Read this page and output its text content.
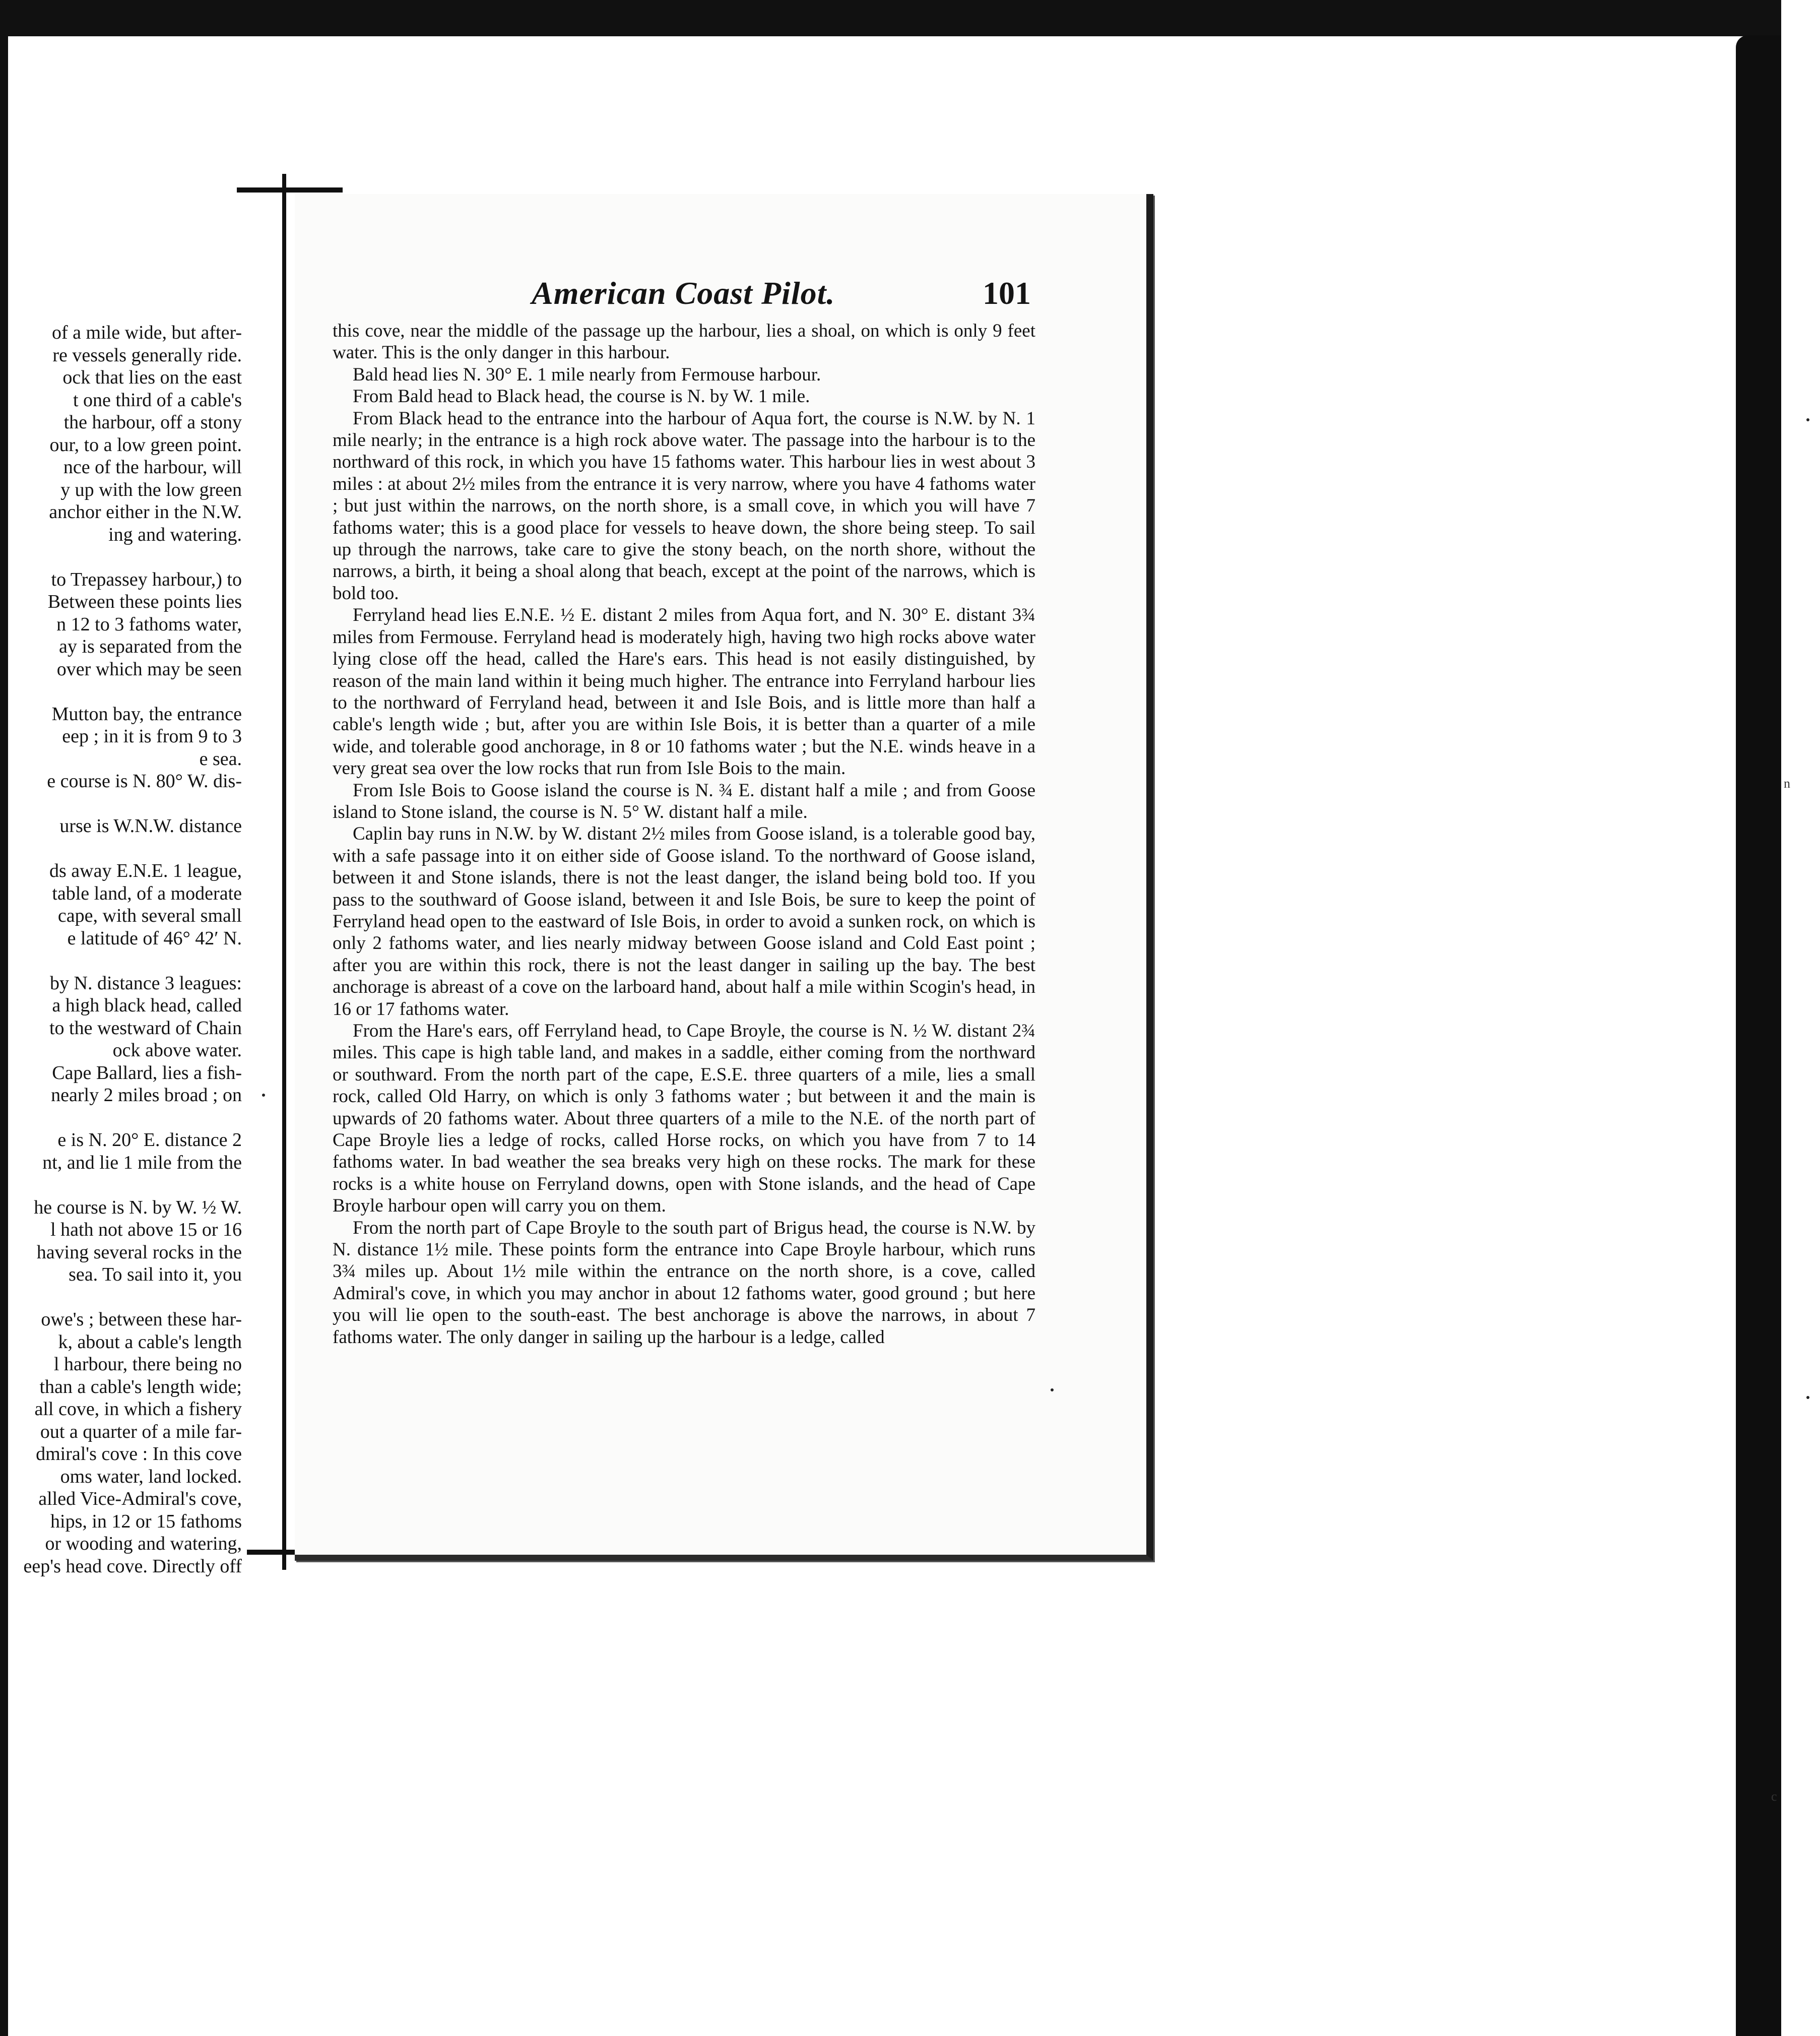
of a mile wide, but after-
re vessels generally ride.
ock that lies on the east
t one third of a cable's
the harbour, off a stony
our, to a low green point.
nce of the harbour, will
y up with the low green
anchor either in the N.W.
ing and watering.
to Trepassey harbour,) to
Between these points lies
n 12 to 3 fathoms water,
ay is separated from the
over which may be seen
Mutton bay, the entrance
eep ; in it is from 9 to 3
e sea.
e course is N. 80° W. dis-
urse is W.N.W. distance
ds away E.N.E. 1 league,
table land, of a moderate
cape, with several small
e latitude of 46° 42′ N.
by N. distance 3 leagues:
a high black head, called
to the westward of Chain
ock above water.
Cape Ballard, lies a fish-
nearly 2 miles broad ; on
e is N. 20° E. distance 2
nt, and lie 1 mile from the
he course is N. by W. ½ W.
l hath not above 15 or 16
having several rocks in the
sea. To sail into it, you
owe's ; between these har-
k, about a cable's length
l harbour, there being no
than a cable's length wide;
all cove, in which a fishery
out a quarter of a mile far-
dmiral's cove : In this cove
oms water, land locked.
alled Vice-Admiral's cove,
hips, in 12 or 15 fathoms
or wooding and watering,
eep's head cove. Directly off
American Coast Pilot.	101

this cove, near the middle of the passage up the harbour, lies a shoal, on which is only 9 feet water. This is the only danger in this harbour.

Bald head lies N. 30° E. 1 mile nearly from Fermouse harbour.

From Bald head to Black head, the course is N. by W. 1 mile.

From Black head to the entrance into the harbour of Aqua fort, the course is N.W. by N. 1 mile nearly; in the entrance is a high rock above water. The passage into the harbour is to the northward of this rock, in which you have 15 fathoms water. This harbour lies in west about 3 miles : at about 2½ miles from the entrance it is very narrow, where you have 4 fathoms water ; but just within the narrows, on the north shore, is a small cove, in which you will have 7 fathoms water; this is a good place for vessels to heave down, the shore being steep. To sail up through the narrows, take care to give the stony beach, on the north shore, without the narrows, a birth, it being a shoal along that beach, except at the point of the narrows, which is bold too.

Ferryland head lies E.N.E. ½ E. distant 2 miles from Aqua fort, and N. 30° E. distant 3¾ miles from Fermouse. Ferryland head is moderately high, having two high rocks above water lying close off the head, called the Hare's ears. This head is not easily distinguished, by reason of the main land within it being much higher. The entrance into Ferryland harbour lies to the northward of Ferryland head, between it and Isle Bois, and is little more than half a cable's length wide ; but, after you are within Isle Bois, it is better than a quarter of a mile wide, and tolerable good anchorage, in 8 or 10 fathoms water ; but the N.E. winds heave in a very great sea over the low rocks that run from Isle Bois to the main.

From Isle Bois to Goose island the course is N. ¾ E. distant half a mile ; and from Goose island to Stone island, the course is N. 5° W. distant half a mile.

Caplin bay runs in N.W. by W. distant 2½ miles from Goose island, is a tolerable good bay, with a safe passage into it on either side of Goose island. To the northward of Goose island, between it and Stone islands, there is not the least danger, the island being bold too. If you pass to the southward of Goose island, between it and Isle Bois, be sure to keep the point of Ferryland head open to the eastward of Isle Bois, in order to avoid a sunken rock, on which is only 2 fathoms water, and lies nearly midway between Goose island and Cold East point ; after you are within this rock, there is not the least danger in sailing up the bay. The best anchorage is abreast of a cove on the larboard hand, about half a mile within Scogin's head, in 16 or 17 fathoms water.

From the Hare's ears, off Ferryland head, to Cape Broyle, the course is N. ½ W. distant 2¾ miles. This cape is high table land, and makes in a saddle, either coming from the northward or southward. From the north part of the cape, E.S.E. three quarters of a mile, lies a small rock, called Old Harry, on which is only 3 fathoms water ; but between it and the main is upwards of 20 fathoms water. About three quarters of a mile to the N.E. of the north part of Cape Broyle lies a ledge of rocks, called Horse rocks, on which you have from 7 to 14 fathoms water. In bad weather the sea breaks very high on these rocks. The mark for these rocks is a white house on Ferryland downs, open with Stone islands, and the head of Cape Broyle harbour open will carry you on them.

From the north part of Cape Broyle to the south part of Brigus head, the course is N.W. by N. distance 1½ mile. These points form the entrance into Cape Broyle harbour, which runs 3¾ miles up. About 1½ mile within the entrance on the north shore, is a cove, called Admiral's cove, in which you may anchor in about 12 fathoms water, good ground ; but here you will lie open to the south-east. The best anchorage is above the narrows, in about 7 fathoms water. The only danger in sailing up the harbour is a ledge, called

n
c
